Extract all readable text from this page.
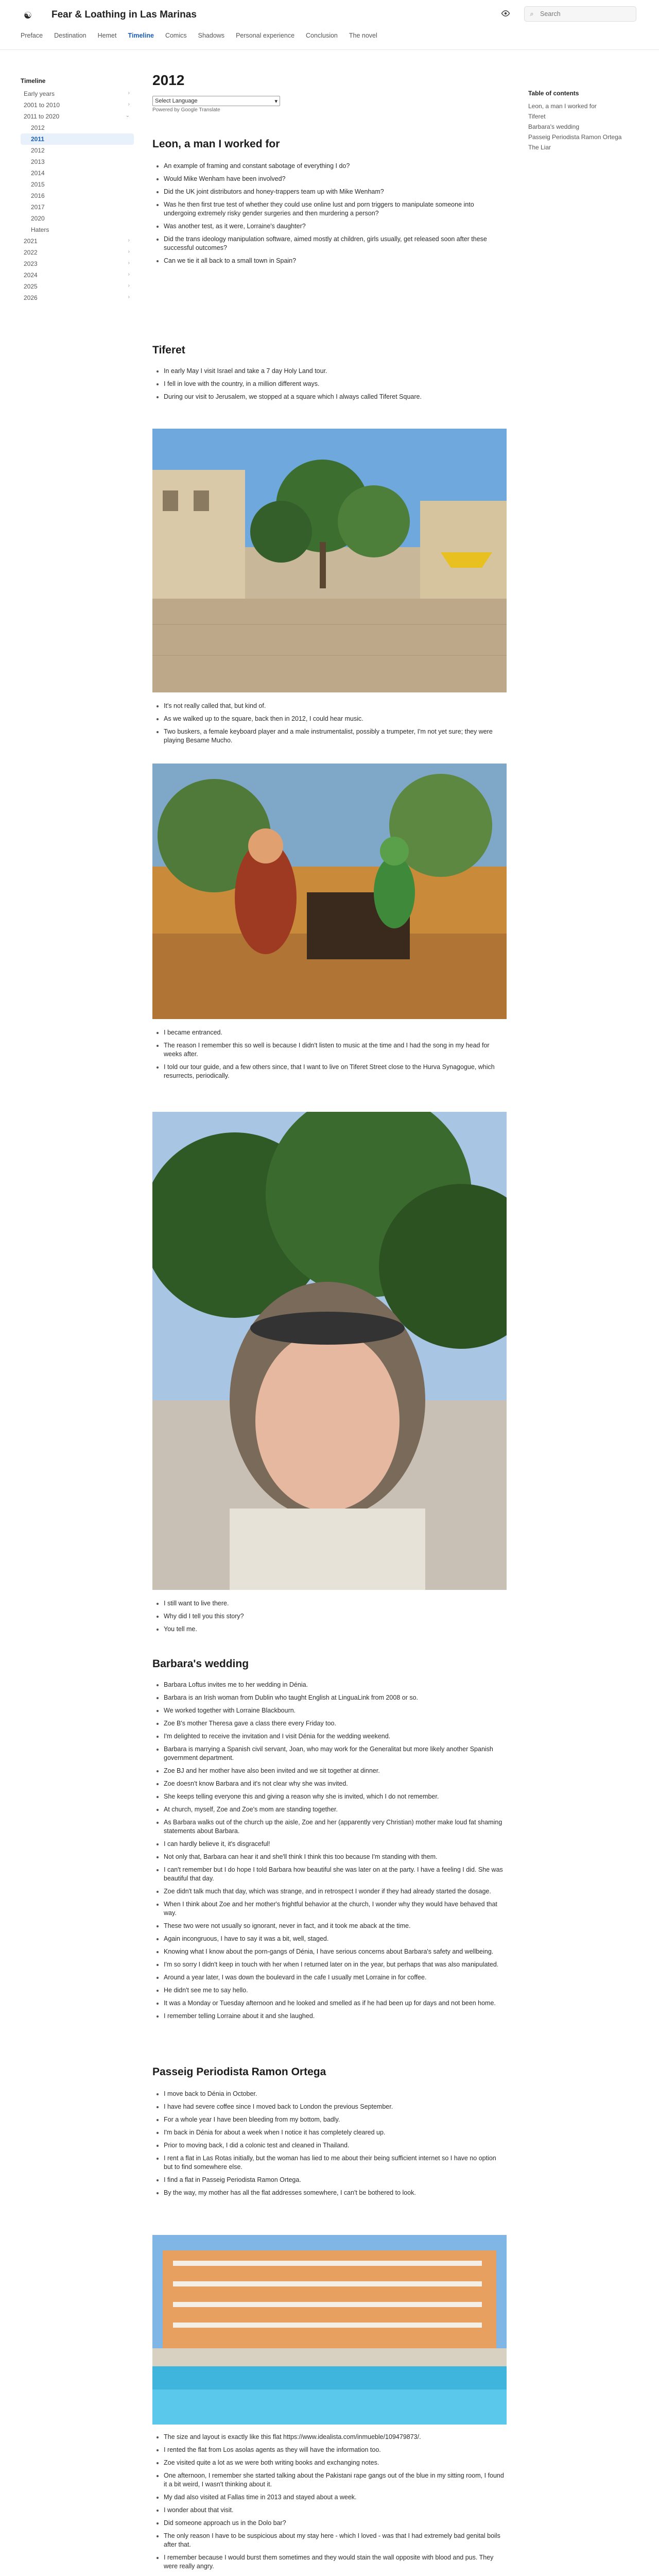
☯	Fear & Loathing in Las Marinas
Preface Destination Hemet Timeline Comics Shadows Personal experience Conclusion The novel
⌕
Search
Timeline
Early years	›
2001 to 2010	›
2011 to 2020	⌄
2012
2011
2012
2013
2014
2015
2016
2017
2020
Haters
2021	›
2022	›
2023	›
2024	›
2025	›
2026	›
Table of contents
Leon, a man I worked for
Tiferet
Barbara's wedding
Passeig Periodista Ramon Ortega
The Liar
2012
Select Language	▾
Powered by Google Translate
Leon, a man I worked for
• An example of framing and constant sabotage of everything I do?
• Would Mike Wenham have been involved?
• Did the UK joint distributors and honey-trappers team up with Mike Wenham?
• Was he then first true test of whether they could use online lust and porn triggers to manipulate someone into undergoing extremely risky gender surgeries and then murdering a person?
• Was another test, as it were, Lorraine's daughter?
• Did the trans ideology manipulation software, aimed mostly at children, girls usually, get released soon after these successful outcomes?
• Can we tie it all back to a small town in Spain?
Tiferet
• In early May I visit Israel and take a 7 day Holy Land tour.
• I fell in love with the country, in a million different ways.
• During our visit to Jerusalem, we stopped at a square which I always called Tiferet Square.
• It's not really called that, but kind of.
• As we walked up to the square, back then in 2012, I could hear music.
• Two buskers, a female keyboard player and a male instrumentalist, possibly a trumpeter, I'm not yet sure; they were playing Besame Mucho.
• I became entranced.
• The reason I remember this so well is because I didn't listen to music at the time and I had the song in my head for weeks after.
• I told our tour guide, and a few others since, that I want to live on Tiferet Street close to the Hurva Synagogue, which resurrects, periodically.
• I still want to live there.
• Why did I tell you this story?
• You tell me.
Barbara's wedding
• Barbara Loftus invites me to her wedding in Dénia.
• Barbara is an Irish woman from Dublin who taught English at LinguaLink from 2008 or so.
• We worked together with Lorraine Blackbourn.
• Zoe B's mother Theresa gave a class there every Friday too.
• I'm delighted to receive the invitation and I visit Dénia for the wedding weekend.
• Barbara is marrying a Spanish civil servant, Joan, who may work for the Generalitat but more likely another Spanish government department.
• Zoe BJ and her mother have also been invited and we sit together at dinner.
• Zoe doesn't know Barbara and it's not clear why she was invited.
• She keeps telling everyone this and giving a reason why she is invited, which I do not remember.
• At church, myself, Zoe and Zoe's mom are standing together.
• As Barbara walks out of the church up the aisle, Zoe and her (apparently very Christian) mother make loud fat shaming statements about Barbara.
• I can hardly believe it, it's disgraceful!
• Not only that, Barbara can hear it and she'll think I think this too because I'm standing with them.
• I can't remember but I do hope I told Barbara how beautiful she was later on at the party. I have a feeling I did. She was beautiful that day.
• Zoe didn't talk much that day, which was strange, and in retrospect I wonder if they had already started the dosage.
• When I think about Zoe and her mother's frightful behavior at the church, I wonder why they would have behaved that way.
• These two were not usually so ignorant, never in fact, and it took me aback at the time.
• Again incongruous, I have to say it was a bit, well, staged.
• Knowing what I know about the porn-gangs of Dénia, I have serious concerns about Barbara's safety and wellbeing.
• I'm so sorry I didn't keep in touch with her when I returned later on in the year, but perhaps that was also manipulated.
• Around a year later, I was down the boulevard in the cafe I usually met Lorraine in for coffee.
• He didn't see me to say hello.
• It was a Monday or Tuesday afternoon and he looked and smelled as if he had been up for days and not been home.
• I remember telling Lorraine about it and she laughed.
Passeig Periodista Ramon Ortega
• I move back to Dénia in October.
• I have had severe coffee since I moved back to London the previous September.
• For a whole year I have been bleeding from my bottom, badly.
• I'm back in Dénia for about a week when I notice it has completely cleared up.
• Prior to moving back, I did a colonic test and cleaned in Thailand.
• I rent a flat in Las Rotas initially, but the woman has lied to me about their being sufficient internet so I have no option but to find somewhere else.
• I find a flat in Passeig Periodista Ramon Ortega.
• By the way, my mother has all the flat addresses somewhere, I can't be bothered to look.
• The size and layout is exactly like this flat https://www.idealista.com/inmueble/109479873/.
• I rented the flat from Los asolas agents as they will have the information too.
• Zoe visited quite a lot as we were both writing books and exchanging notes.
• One afternoon, I remember she started talking about the Pakistani rape gangs out of the blue in my sitting room, I found it a bit weird, I wasn't thinking about it.
• My dad also visited at Fallas time in 2013 and stayed about a week.
• I wonder about that visit.
• Did someone approach us in the Dolo bar?
• The only reason I have to be suspicious about my stay here - which I loved - was that I had extremely bad genital boils after that.
• I remember because I would burst them sometimes and they would stain the wall opposite with blood and pus. They were really angry.
•
